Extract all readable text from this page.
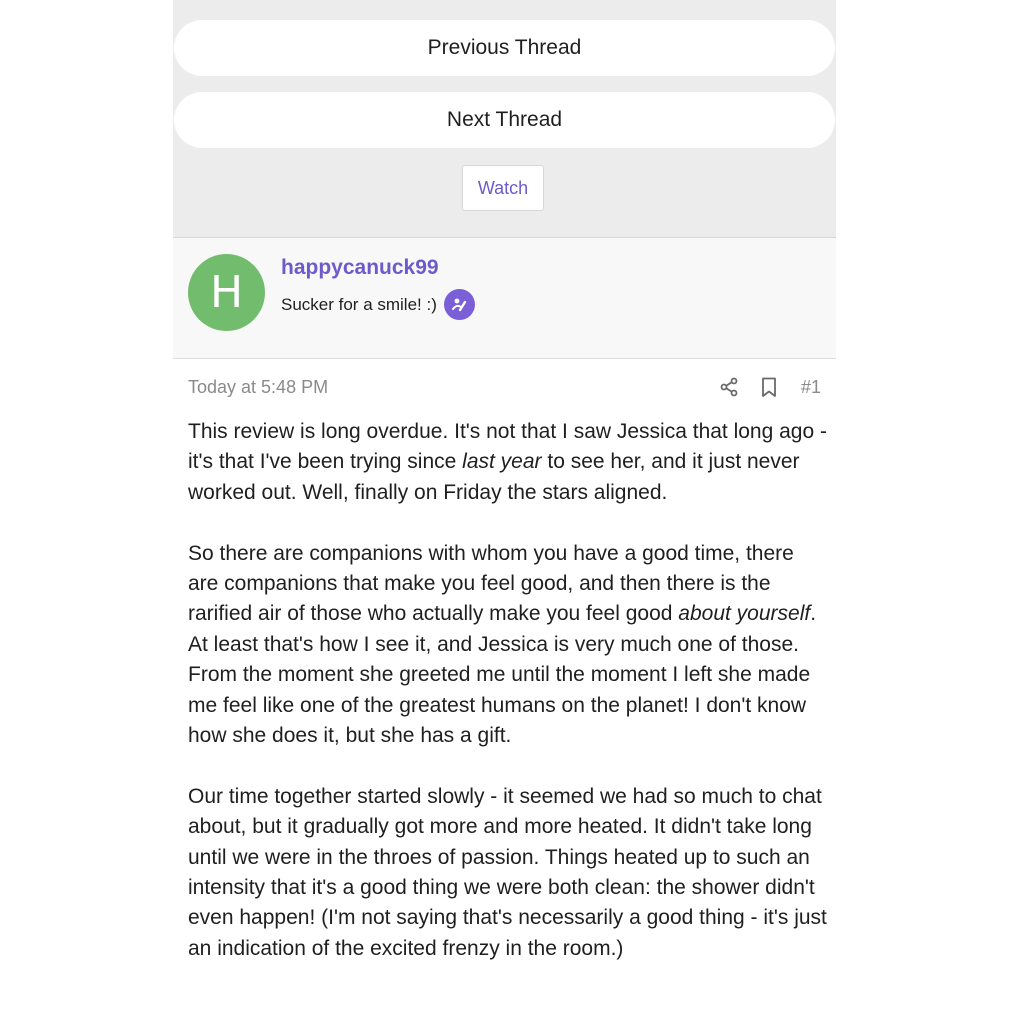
Previous Thread
Next Thread
Watch
H	happycanuck99
Sucker for a smile! :)
Today at 5:48 PM	#1

This review is long overdue. It's not that I saw Jessica that long ago - it's that I've been trying since last year to see her, and it just never worked out. Well, finally on Friday the stars aligned.

So there are companions with whom you have a good time, there are companions that make you feel good, and then there is the rarified air of those who actually make you feel good about yourself. At least that's how I see it, and Jessica is very much one of those. From the moment she greeted me until the moment I left she made me feel like one of the greatest humans on the planet! I don't know how she does it, but she has a gift.

Our time together started slowly - it seemed we had so much to chat about, but it gradually got more and more heated. It didn't take long until we were in the throes of passion. Things heated up to such an intensity that it's a good thing we were both clean: the shower didn't even happen! (I'm not saying that's necessarily a good thing - it's just an indication of the excited frenzy in the room.)
